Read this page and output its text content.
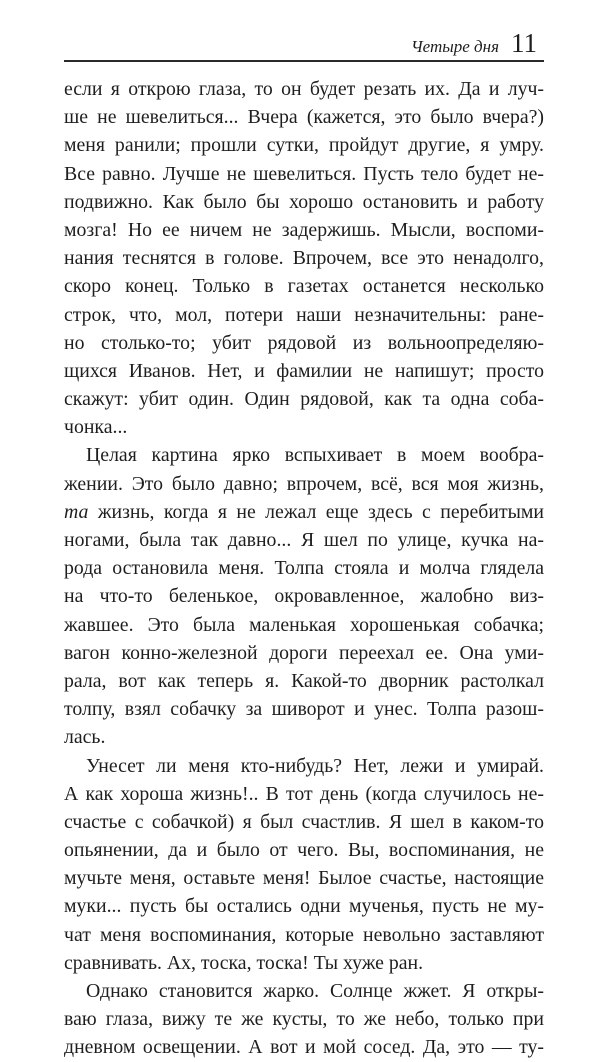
Четыре дня 11
если я открою глаза, то он будет резать их. Да и луч-
ше не шевелиться... Вчера (кажется, это было вчера?)
меня ранили; прошли сутки, пройдут другие, я умру.
Все равно. Лучше не шевелиться. Пусть тело будет не-
подвижно. Как было бы хорошо остановить и работу
мозга! Но ее ничем не задержишь. Мысли, воспоми-
нания теснятся в голове. Впрочем, все это ненадолго,
скоро конец. Только в газетах останется несколько
строк, что, мол, потери наши незначительны: ране-
но столько-то; убит рядовой из вольноопределяю-
щихся Иванов. Нет, и фамилии не напишут; просто
скажут: убит один. Один рядовой, как та одна соба-
чонка...
Целая картина ярко вспыхивает в моем вообра-
жении. Это было давно; впрочем, всё, вся моя жизнь,
та жизнь, когда я не лежал еще здесь с перебитыми
ногами, была так давно... Я шел по улице, кучка на-
рода остановила меня. Толпа стояла и молча глядела
на что-то беленькое, окровавленное, жалобно виз-
жавшее. Это была маленькая хорошенькая собачка;
вагон конно-железной дороги переехал ее. Она уми-
рала, вот как теперь я. Какой-то дворник растолкал
толпу, взял собачку за шиворот и унес. Толпа разош-
лась.
Унесет ли меня кто-нибудь? Нет, лежи и умирай.
А как хороша жизнь!.. В тот день (когда случилось не-
счастье с собачкой) я был счастлив. Я шел в каком-то
опьянении, да и было от чего. Вы, воспоминания, не
мучьте меня, оставьте меня! Былое счастье, настоящие
муки... пусть бы остались одни мученья, пусть не му-
чат меня воспоминания, которые невольно заставляют
сравнивать. Ах, тоска, тоска! Ты хуже ран.
Однако становится жарко. Солнце жжет. Я откры-
ваю глаза, вижу те же кусты, то же небо, только при
дневном освещении. А вот и мой сосед. Да, это — ту-
